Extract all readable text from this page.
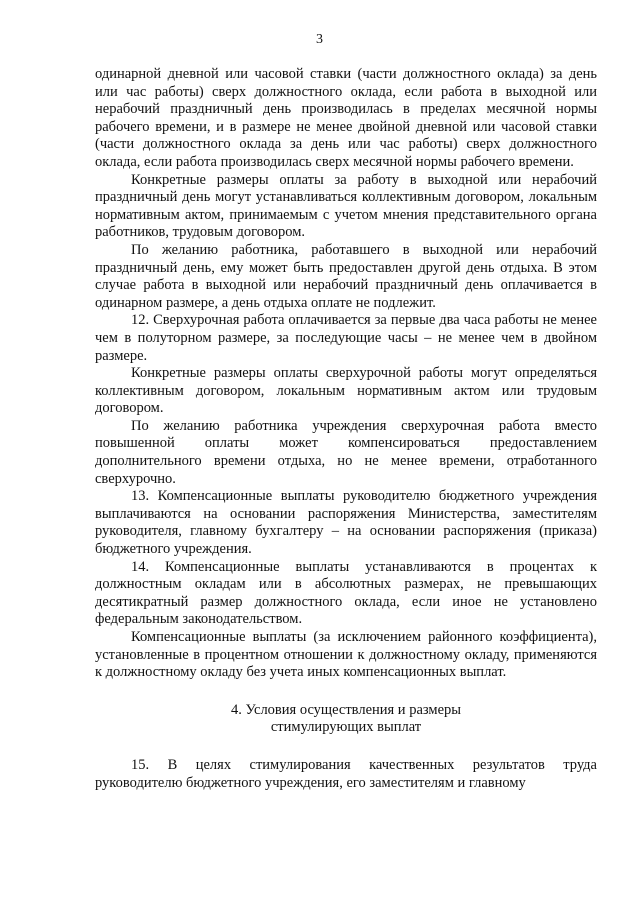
3

одинарной дневной или часовой ставки (части должностного оклада) за день или час работы) сверх должностного оклада, если работа в выходной или нерабочий праздничный день производилась в пределах месячной нормы рабочего времени, и в размере не менее двойной дневной или часовой ставки (части должностного оклада за день или час работы) сверх должностного оклада, если работа производилась сверх месячной нормы рабочего времени.

Конкретные размеры оплаты за работу в выходной или нерабочий праздничный день могут устанавливаться коллективным договором, локальным нормативным актом, принимаемым с учетом мнения представительного органа работников, трудовым договором.

По желанию работника, работавшего в выходной или нерабочий праздничный день, ему может быть предоставлен другой день отдыха. В этом случае работа в выходной или нерабочий праздничный день оплачивается в одинарном размере, а день отдыха оплате не подлежит.

12. Сверхурочная работа оплачивается за первые два часа работы не менее чем в полуторном размере, за последующие часы – не менее чем в двойном размере.

Конкретные размеры оплаты сверхурочной работы могут определяться коллективным договором, локальным нормативным актом или трудовым договором.

По желанию работника учреждения сверхурочная работа вместо повышенной оплаты может компенсироваться предоставлением дополнительного времени отдыха, но не менее времени, отработанного сверхурочно.

13. Компенсационные выплаты руководителю бюджетного учреждения выплачиваются на основании распоряжения Министерства, заместителям руководителя, главному бухгалтеру – на основании распоряжения (приказа) бюджетного учреждения.

14. Компенсационные выплаты устанавливаются в процентах к должностным окладам или в абсолютных размерах, не превышающих десятикратный размер должностного оклада, если иное не установлено федеральным законодательством.

Компенсационные выплаты (за исключением районного коэффициента), установленные в процентном отношении к должностному окладу, применяются к должностному окладу без учета иных компенсационных выплат.

4. Условия осуществления и размеры
стимулирующих выплат

15. В целях стимулирования качественных результатов труда руководителю бюджетного учреждения, его заместителям и главному
